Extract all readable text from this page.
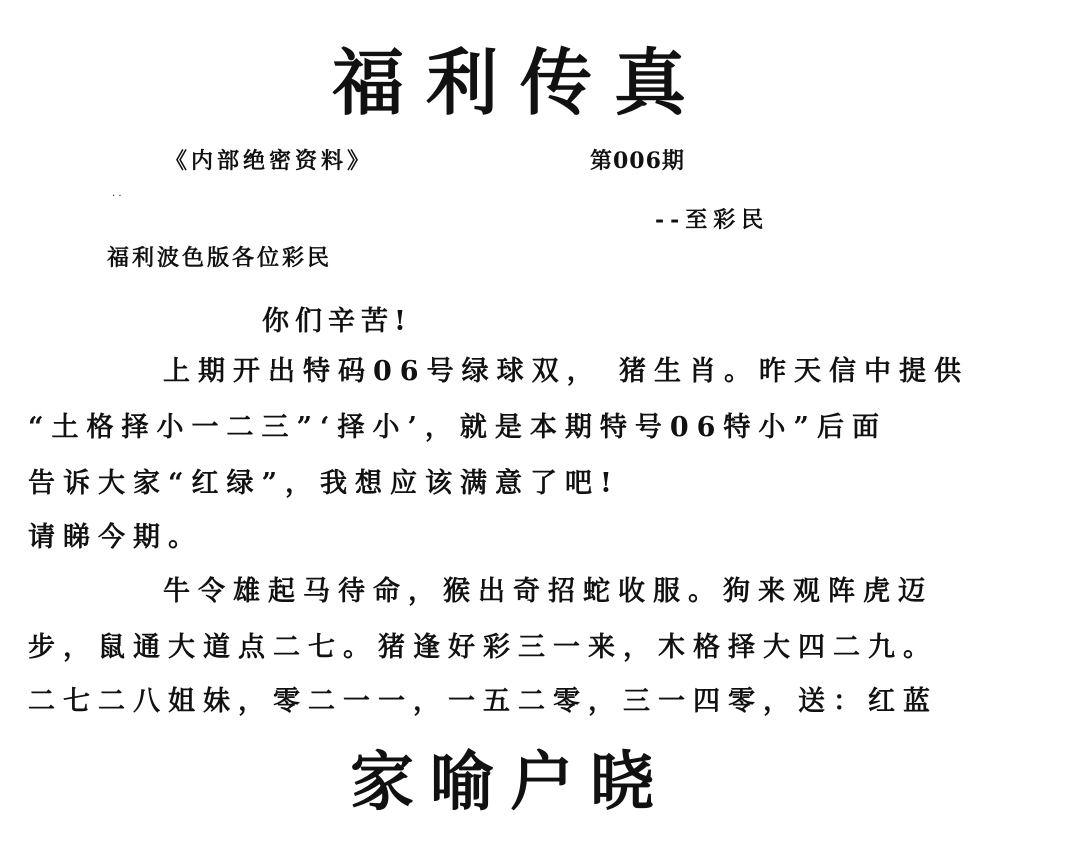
福利传真
《内部绝密资料》	第006期
. .
--至彩民
福利波色版各位彩民
你们辛苦!
上期开出特码06号绿球双， 猪生肖。昨天信中提供
“土格择小一二三”‘择小’，就是本期特号06特小”后面
告诉大家“红绿”，我想应该满意了吧!
请睇今期。
牛令雄起马待命，猴出奇招蛇收服。狗来观阵虎迈
步，鼠通大道点二七。猪逢好彩三一来，木格择大四二九。
二七二八姐妹，零二一一，一五二零，三一四零，送：红蓝
家喻户晓
